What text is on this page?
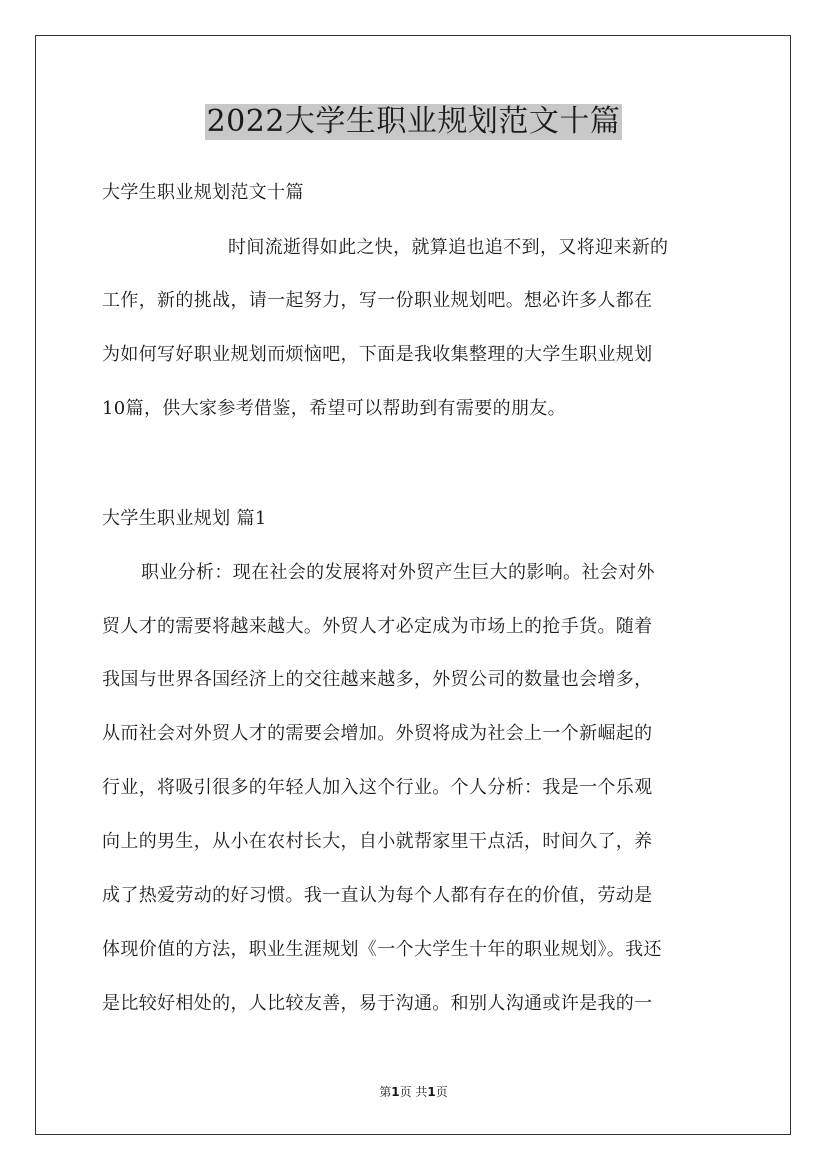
2022大学生职业规划范文十篇
大学生职业规划范文十篇
时间流逝得如此之快，就算追也追不到，又将迎来新的
工作，新的挑战，请一起努力，写一份职业规划吧。想必许多人都在
为如何写好职业规划而烦恼吧，下面是我收集整理的大学生职业规划
10篇，供大家参考借鉴，希望可以帮助到有需要的朋友。
大学生职业规划 篇1
职业分析：现在社会的发展将对外贸产生巨大的影响。社会对外
贸人才的需要将越来越大。外贸人才必定成为市场上的抢手货。随着
我国与世界各国经济上的交往越来越多，外贸公司的数量也会增多，
从而社会对外贸人才的需要会增加。外贸将成为社会上一个新崛起的
行业，将吸引很多的年轻人加入这个行业。个人分析：我是一个乐观
向上的男生，从小在农村长大，自小就帮家里干点活，时间久了，养
成了热爱劳动的好习惯。我一直认为每个人都有存在的价值，劳动是
体现价值的方法，职业生涯规划《一个大学生十年的职业规划》。我还
是比较好相处的，人比较友善，易于沟通。和别人沟通或许是我的一
第1页 共1页
